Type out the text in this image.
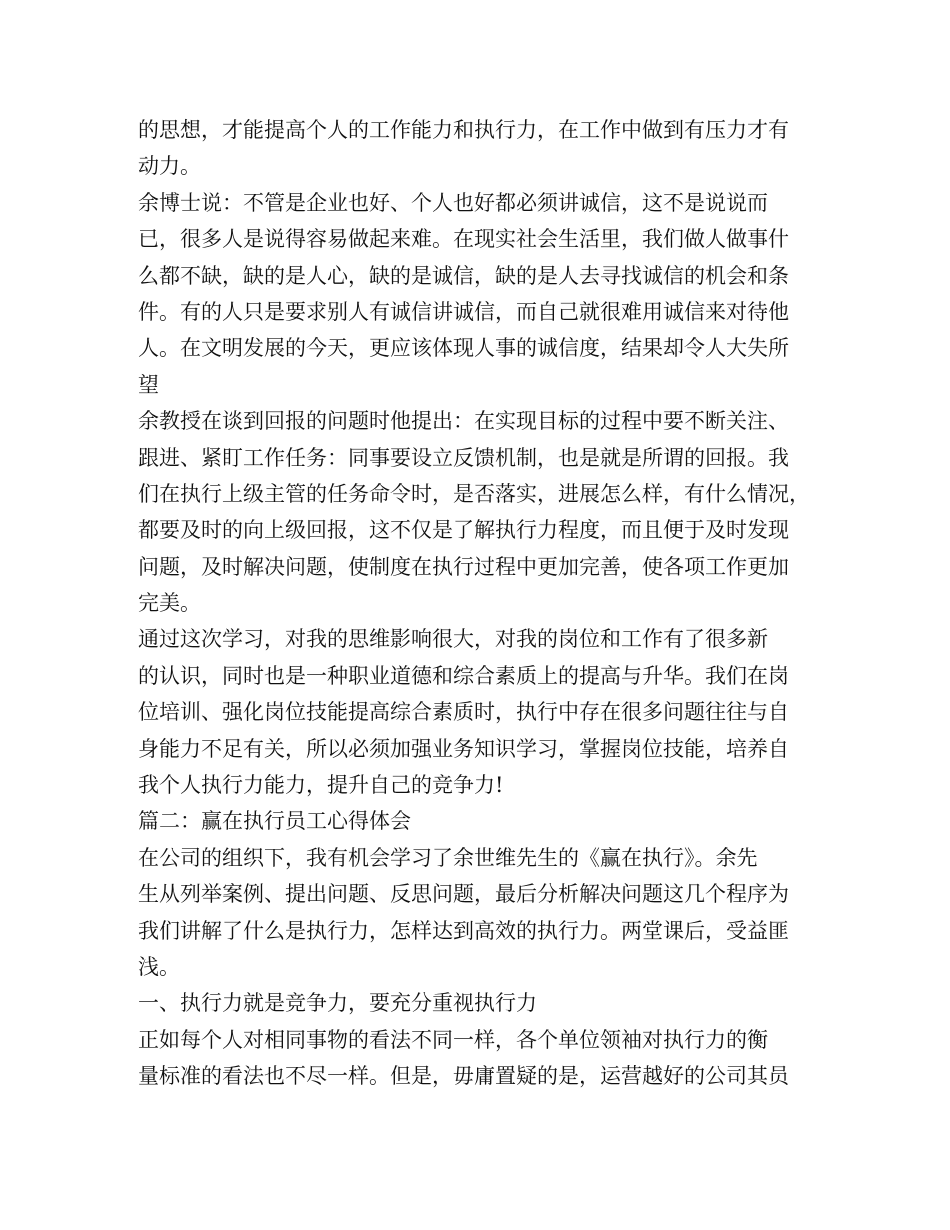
的思想，才能提高个人的工作能力和执行力，在工作中做到有压力才有
动力。
余博士说：不管是企业也好、个人也好都必须讲诚信，这不是说说而
已，很多人是说得容易做起来难。在现实社会生活里，我们做人做事什
么都不缺，缺的是人心，缺的是诚信，缺的是人去寻找诚信的机会和条
件。有的人只是要求别人有诚信讲诚信，而自己就很难用诚信来对待他
人。在文明发展的今天，更应该体现人事的诚信度，结果却令人大失所
望
余教授在谈到回报的问题时他提出：在实现目标的过程中要不断关注、
跟进、紧盯工作任务：同事要设立反馈机制，也是就是所谓的回报。我
们在执行上级主管的任务命令时，是否落实，进展怎么样，有什么情况，
都要及时的向上级回报，这不仅是了解执行力程度，而且便于及时发现
问题，及时解决问题，使制度在执行过程中更加完善，使各项工作更加
完美。
通过这次学习，对我的思维影响很大，对我的岗位和工作有了很多新
的认识，同时也是一种职业道德和综合素质上的提高与升华。我们在岗
位培训、强化岗位技能提高综合素质时，执行中存在很多问题往往与自
身能力不足有关，所以必须加强业务知识学习，掌握岗位技能，培养自
我个人执行力能力，提升自己的竞争力!
篇二：赢在执行员工心得体会
在公司的组织下，我有机会学习了余世维先生的《赢在执行》。余先
生从列举案例、提出问题、反思问题，最后分析解决问题这几个程序为
我们讲解了什么是执行力，怎样达到高效的执行力。两堂课后，受益匪
浅。
一、执行力就是竞争力，要充分重视执行力
正如每个人对相同事物的看法不同一样，各个单位领袖对执行力的衡
量标准的看法也不尽一样。但是，毋庸置疑的是，运营越好的公司其员
